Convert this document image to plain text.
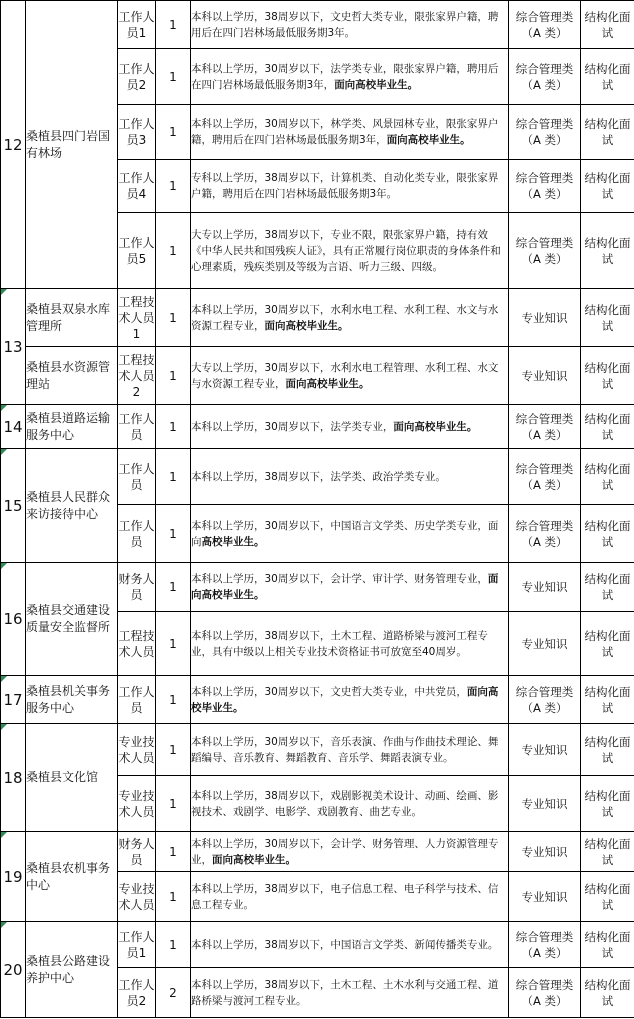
12	桑植县四门岩国有林场	工作人员1	1	本科以上学历，38周岁以下，文史哲大类专业，限张家界户籍，聘用后在四门岩林场最低服务期3年。	综合管理类（A 类）	结构化面试
		工作人员2	1	本科以上学历，30周岁以下，法学类专业，限张家界户籍，聘用后在四门岩林场最低服务期3年，面向高校毕业生。	综合管理类（A 类）	结构化面试
		工作人员3	1	本科以上学历，30周岁以下，林学类、风景园林专业，限张家界户籍，聘用后在四门岩林场最低服务期3年，面向高校毕业生。	综合管理类（A 类）	结构化面试
		工作人员4	1	专科以上学历，38周岁以下，计算机类、自动化类专业，限张家界户籍，聘用后在四门岩林场最低服务期3年。	综合管理类（A 类）	结构化面试
		工作人员5	1	大专以上学历，38周岁以下，专业不限，限张家界户籍，持有效《中华人民共和国残疾人证》，具有正常履行岗位职责的身体条件和心理素质，残疾类别及等级为言语、听力三级、四级。	综合管理类（A 类）	结构化面试

13	桑植县双泉水库管理所	工程技术人员1	1	本科以上学历，30周岁以下，水利水电工程、水利工程、水文与水资源工程专业，面向高校毕业生。	专业知识	结构化面试
	桑植县水资源管理站	工程技术人员2	1	大专以上学历，30周岁以下，水利水电工程管理、水利工程、水文与水资源工程专业，面向高校毕业生。	专业知识	结构化面试

14	桑植县道路运输服务中心	工作人员	1	本科以上学历，30周岁以下，法学类专业，面向高校毕业生。	综合管理类（A 类）	结构化面试

15	桑植县人民群众来访接待中心	工作人员	1	本科以上学历，38周岁以下，法学类、政治学类专业。	综合管理类（A 类）	结构化面试
		工作人员	1	本科以上学历，30周岁以下，中国语言文学类、历史学类专业，面向高校毕业生。	综合管理类（A 类）	结构化面试

16	桑植县交通建设质量安全监督所	财务人员	1	本科以上学历，30周岁以下，会计学、审计学、财务管理专业，面向高校毕业生。	专业知识	结构化面试
		工程技术人员	1	本科以上学历，38周岁以下，土木工程、道路桥梁与渡河工程专业，具有中级以上相关专业技术资格证书可放宽至40周岁。	专业知识	结构化面试

17	桑植县机关事务服务中心	工作人员	1	本科以上学历，30周岁以下，文史哲大类专业，中共党员，面向高校毕业生。	综合管理类（A 类）	结构化面试

18	桑植县文化馆	专业技术人员	1	本科以上学历，30周岁以下，音乐表演、作曲与作曲技术理论、舞蹈编导、音乐教育、舞蹈教育、音乐学、舞蹈表演专业。	专业知识	结构化面试
		专业技术人员	1	本科以上学历，38周岁以下，戏剧影视美术设计、动画、绘画、影视技术、戏剧学、电影学、戏剧教育、曲艺专业。	专业知识	结构化面试

19	桑植县农机事务中心	财务人员	1	本科以上学历，30周岁以下，会计学、财务管理、人力资源管理专业，面向高校毕业生。	专业知识	结构化面试
		专业技术人员	1	本科以上学历，38周岁以下，电子信息工程、电子科学与技术、信息工程专业。	专业知识	结构化面试

20	桑植县公路建设养护中心	工作人员1	1	本科以上学历，38周岁以下，中国语言文学类、新闻传播类专业。	综合管理类（A 类）	结构化面试
		工作人员2	2	本科以上学历，38周岁以下，土木工程、土木水利与交通工程、道路桥梁与渡河工程专业。	综合管理类（A 类）	结构化面试
